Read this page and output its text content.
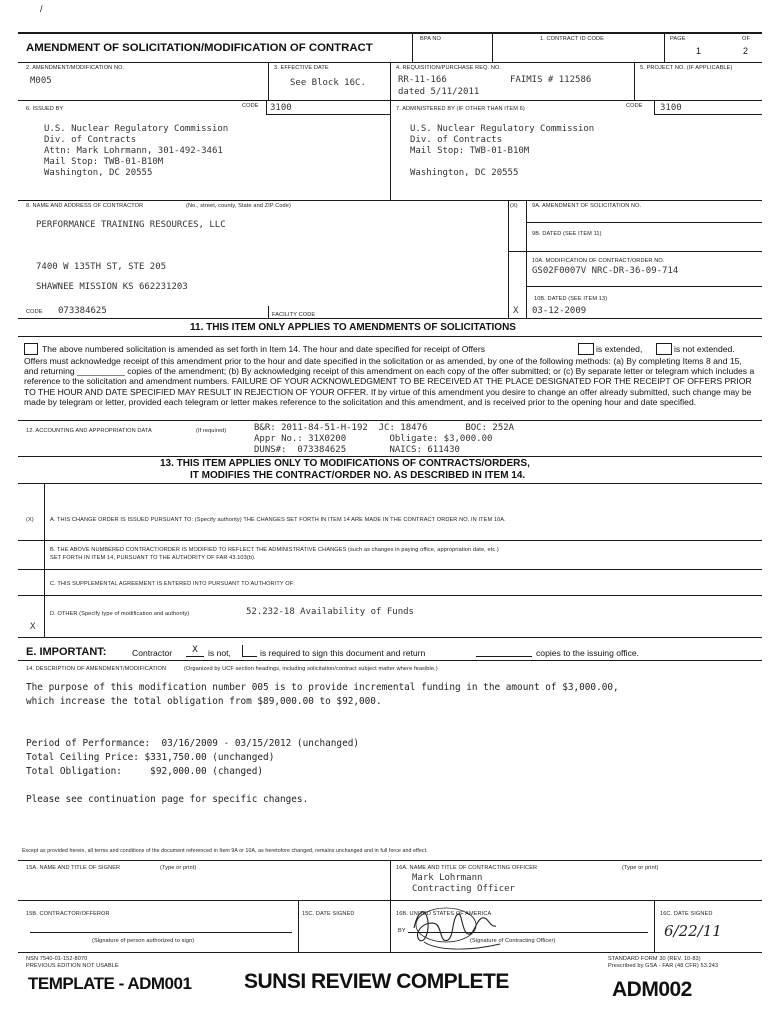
/
AMENDMENT OF SOLICITATION/MODIFICATION OF CONTRACT
BPA NO	1. CONTRACT ID CODE	PAGE
1
OF
2
2. AMENDMENT/MODIFICATION NO.
M005
3. EFFECTIVE DATE
See Block 16C.
4. REQUISITION/PURCHASE REQ. NO.
RR-11-166	FAIMIS # 112586
dated 5/11/2011
5. PROJECT NO. (IF APPLICABLE)
6. ISSUED BY	CODE 3100	7. ADMINISTERED BY (IF OTHER THAN ITEM 6)	CODE 3100
U.S. Nuclear Regulatory Commission
Div. of Contracts
Attn: Mark Lohrmann, 301-492-3461
Mail Stop: TWB-01-B10M
Washington, DC 20555
U.S. Nuclear Regulatory Commission
Div. of Contracts
Mail Stop: TWB-01-B10M
Washington, DC 20555
8. NAME AND ADDRESS OF CONTRACTOR	(No., street, county, State and ZIP Code)
PERFORMANCE TRAINING RESOURCES, LLC
7400 W 135TH ST, STE 205
SHAWNEE MISSION KS 662231203
(X)	9A. AMENDMENT OF SOLICITATION NO.
9B. DATED (SEE ITEM 11)
10A. MODIFICATION OF CONTRACT/ORDER NO.
GS02F0007V NRC-DR-36-09-714
10B. DATED (SEE ITEM 13)
X 03-12-2009
CODE 073384625	FACILITY CODE
11. THIS ITEM ONLY APPLIES TO AMENDMENTS OF SOLICITATIONS
The above numbered solicitation is amended as set forth in Item 14. The hour and date specified for receipt of Offers	is extended,	is not extended.
Offers must acknowledge receipt of this amendment prior to the hour and date specified in the solicitation or as amended, by one of the following methods: (a) By completing Items 8 and 15, and returning __________ copies of the amendment; (b) By acknowledging receipt of this amendment on each copy of the offer submitted; or (c) By separate letter or telegram which includes a reference to the solicitation and amendment numbers. FAILURE OF YOUR ACKNOWLEDGMENT TO BE RECEIVED AT THE PLACE DESIGNATED FOR THE RECEIPT OF OFFERS PRIOR TO THE HOUR AND DATE SPECIFIED MAY RESULT IN REJECTION OF YOUR OFFER. If by virtue of this amendment you desire to change an offer already submitted, such change may be made by telegram or letter, provided each telegram or letter makes reference to the solicitation and this amendment, and is received prior to the opening hour and date specified.
12. ACCOUNTING AND APPROPRIATION DATA	(If required)	B&R: 2011-84-51-H-192  JC: 18476       BOC: 252A
Appr No.: 31X0200        Obligate: $3,000.00
DUNS#:  073384625        NAICS: 611430
13. THIS ITEM APPLIES ONLY TO MODIFICATIONS OF CONTRACTS/ORDERS,
IT MODIFIES THE CONTRACT/ORDER NO. AS DESCRIBED IN ITEM 14.
(X)	A. THIS CHANGE ORDER IS ISSUED PURSUANT TO: (Specify authority) THE CHANGES SET FORTH IN ITEM 14 ARE MADE IN THE CONTRACT ORDER NO. IN ITEM 10A.
B. THE ABOVE NUMBERED CONTRACT/ORDER IS MODIFIED TO REFLECT THE ADMINISTRATIVE CHANGES (such as changes in paying office, appropriation date, etc.)
SET FORTH IN ITEM 14, PURSUANT TO THE AUTHORITY OF FAR 43.103(b).
C. THIS SUPPLEMENTAL AGREEMENT IS ENTERED INTO PURSUANT TO AUTHORITY OF:
D. OTHER (Specify type of modification and authority)	52.232-18 Availability of Funds
X
E. IMPORTANT:	Contractor	X	is not,	is required to sign this document and return	copies to the issuing office.
14. DESCRIPTION OF AMENDMENT/MODIFICATION	(Organized by UCF section headings, including solicitation/contract subject matter where feasible.)
The purpose of this modification number 005 is to provide incremental funding in the amount of $3,000.00,
which increase the total obligation from $89,000.00 to $92,000.
Period of Performance:  03/16/2009 - 03/15/2012 (unchanged)
Total Ceiling Price: $331,750.00 (unchanged)
Total Obligation:     $92,000.00 (changed)
Please see continuation page for specific changes.
Except as provided herein, all terms and conditions of the document referenced in Item 9A or 10A, as heretofore changed, remains unchanged and in full force and effect.
15A. NAME AND TITLE OF SIGNER	(Type or print)	16A. NAME AND TITLE OF CONTRACTING OFFICER	(Type or print)
Mark Lohrmann
Contracting Officer
15B. CONTRACTOR/OFFEROR	15C. DATE SIGNED
(Signature of person authorized to sign)
16B. UNITED STATES OF AMERICA
BY
(Signature of Contracting Officer)
16C. DATE SIGNED
6/22/11
NSN 7540-01-152-8070
PREVIOUS EDITION NOT USABLE
STANDARD FORM 30 (REV. 10-83)
Prescribed by GSA - FAR (48 CFR) 53.243
TEMPLATE - ADM001	SUNSI REVIEW COMPLETE	ADM002
